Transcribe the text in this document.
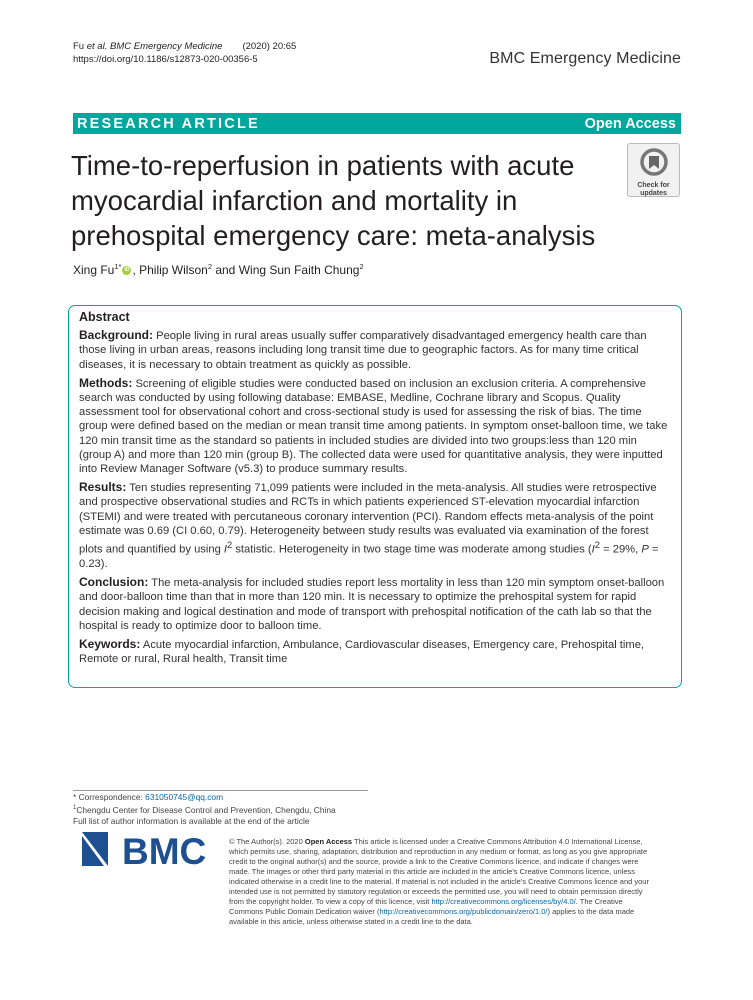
Fu et al. BMC Emergency Medicine (2020) 20:65
https://doi.org/10.1186/s12873-020-00356-5	BMC Emergency Medicine
RESEARCH ARTICLE	Open Access
Time-to-reperfusion in patients with acute myocardial infarction and mortality in prehospital emergency care: meta-analysis
Check for
updates
Xing $Fu^{1*}$ iD , Philip Wilson$^2$ and Wing Sun Faith Chung$^2$
Abstract

Background: People living in rural areas usually suffer comparatively disadvantaged emergency health care than those living in urban areas, reasons including long transit time due to geographic factors. As for many time critical diseases, it is necessary to obtain treatment as quickly as possible.

Methods: Screening of eligible studies were conducted based on inclusion an exclusion criteria. A comprehensive search was conducted by using following database: EMBASE, Medline, Cochrane library and Scopus. Quality assessment tool for observational cohort and cross-sectional study is used for assessing the risk of bias. The time group were defined based on the median or mean transit time among patients. In symptom onset-balloon time, we take 120 min transit time as the standard so patients in included studies are divided into two groups:less than 120 min (group A) and more than 120 min (group B). The collected data were used for quantitative analysis, they were inputted into Review Manager Software (v5.3) to produce summary results.

Results: Ten studies representing 71,099 patients were included in the meta-analysis. All studies were retrospective and prospective observational studies and RCTs in which patients experienced ST-elevation myocardial infarction (STEMI) and were treated with percutaneous coronary intervention (PCI). Random effects meta-analysis of the point estimate was 0.69 (CI 0.60, 0.79). Heterogeneity between study results was evaluated via examination of the forest plots and quantified by using $I^2$ statistic. Heterogeneity in two stage time was moderate among studies ($I^2 = 29\%$, P = 0.23).

Conclusion: The meta-analysis for included studies report less mortality in less than 120 min symptom onset-balloon and door-balloon time than that in more than 120 min. It is necessary to optimize the prehospital system for rapid decision making and logical destination and mode of transport with prehospital notification of the cath lab so that the hospital is ready to optimize door to balloon time.

Keywords: Acute myocardial infarction, Ambulance, Cardiovascular diseases, Emergency care, Prehospital time, Remote or rural, Rural health, Transit time

* Correspondence: 631050745@qq.com
$^1$Chengdu Center for Disease Control and Prevention, Chengdu, China
Full list of author information is available at the end of the article
BMC	© The Author(s). 2020 Open Access This article is licensed under a Creative Commons Attribution 4.0 International License, which permits use, sharing, adaptation, distribution and reproduction in any medium or format, as long as you give appropriate credit to the original author(s) and the source, provide a link to the Creative Commons licence, and indicate if changes were made. The images or other third party material in this article are included in the article's Creative Commons licence, unless indicated otherwise in a credit line to the material. If material is not included in the article's Creative Commons licence and your intended use is not permitted by statutory regulation or exceeds the permitted use, you will need to obtain permission directly from the copyright holder. To view a copy of this licence, visit http://creativecommons.org/licenses/by/4.0/. The Creative Commons Public Domain Dedication waiver (http://creativecommons.org/publicdomain/zero/1.0/) applies to the data made available in this article, unless otherwise stated in a credit line to the data.
